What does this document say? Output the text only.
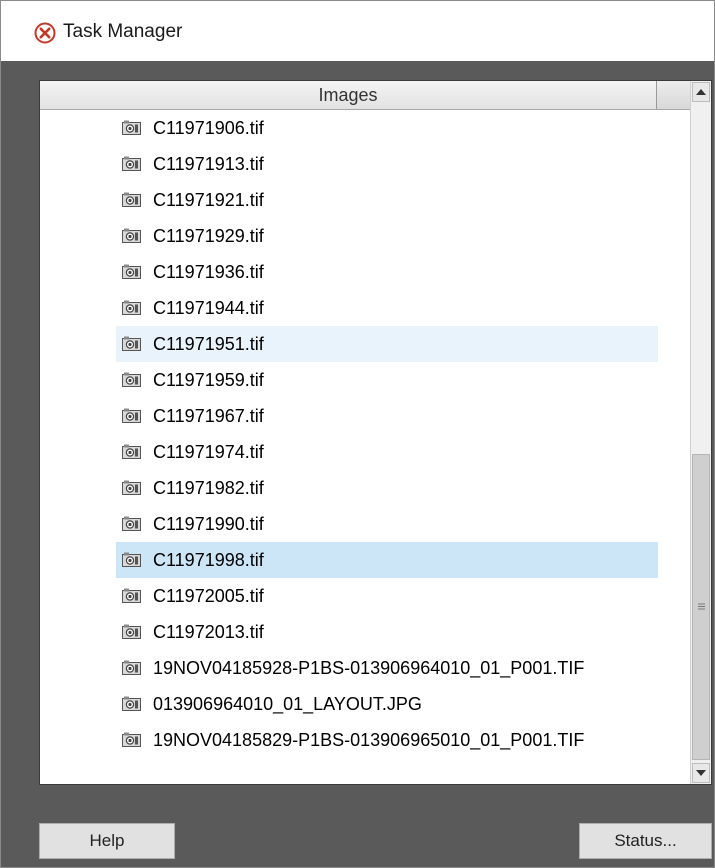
Task Manager
Images
C11971906.tif
C11971913.tif
C11971921.tif
C11971929.tif
C11971936.tif
C11971944.tif
C11971951.tif
C11971959.tif
C11971967.tif
C11971974.tif
C11971982.tif
C11971990.tif
C11971998.tif
C11972005.tif
C11972013.tif
19NOV04185928-P1BS-013906964010_01_P001.TIF
013906964010_01_LAYOUT.JPG
19NOV04185829-P1BS-013906965010_01_P001.TIF
Help	Status...
